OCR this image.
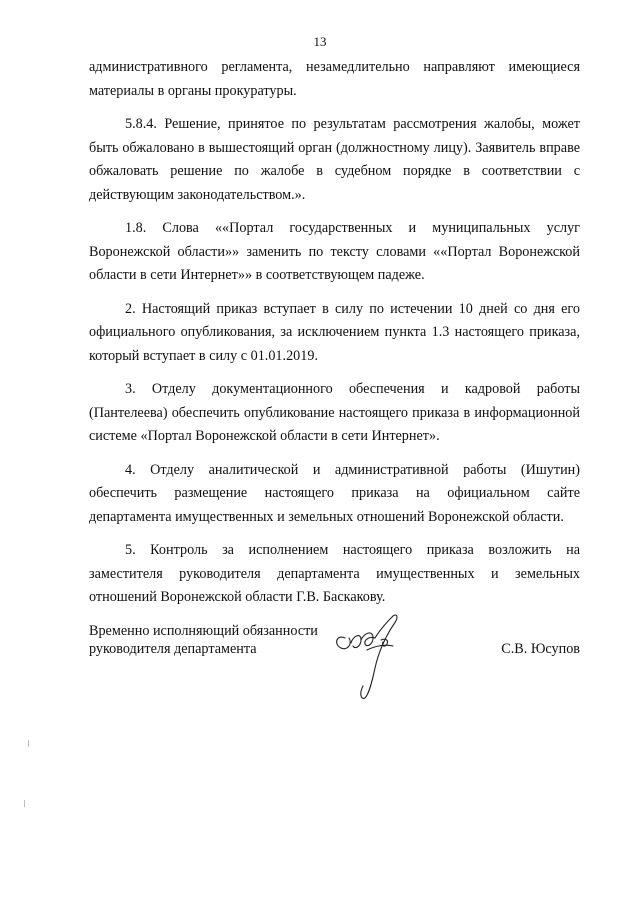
13

административного регламента, незамедлительно направляют имеющиеся материалы в органы прокуратуры.

5.8.4. Решение, принятое по результатам рассмотрения жалобы, может быть обжаловано в вышестоящий орган (должностному лицу). Заявитель вправе обжаловать решение по жалобе в судебном порядке в соответствии с действующим законодательством.».

1.8. Слова ««Портал государственных и муниципальных услуг Воронежской области»» заменить по тексту словами ««Портал Воронежской области в сети Интернет»» в соответствующем падеже.

2. Настоящий приказ вступает в силу по истечении 10 дней со дня его официального опубликования, за исключением пункта 1.3 настоящего приказа, который вступает в силу с 01.01.2019.

3. Отделу документационного обеспечения и кадровой работы (Пантелеева) обеспечить опубликование настоящего приказа в информационной системе «Портал Воронежской области в сети Интернет».

4. Отделу аналитической и административной работы (Ишутин) обеспечить размещение настоящего приказа на официальном сайте департамента имущественных и земельных отношений Воронежской области.

5. Контроль за исполнением настоящего приказа возложить на заместителя руководителя департамента имущественных и земельных отношений Воронежской области Г.В. Баскакову.

Временно исполняющий обязанности
руководителя департамента	С.В. Юсупов
